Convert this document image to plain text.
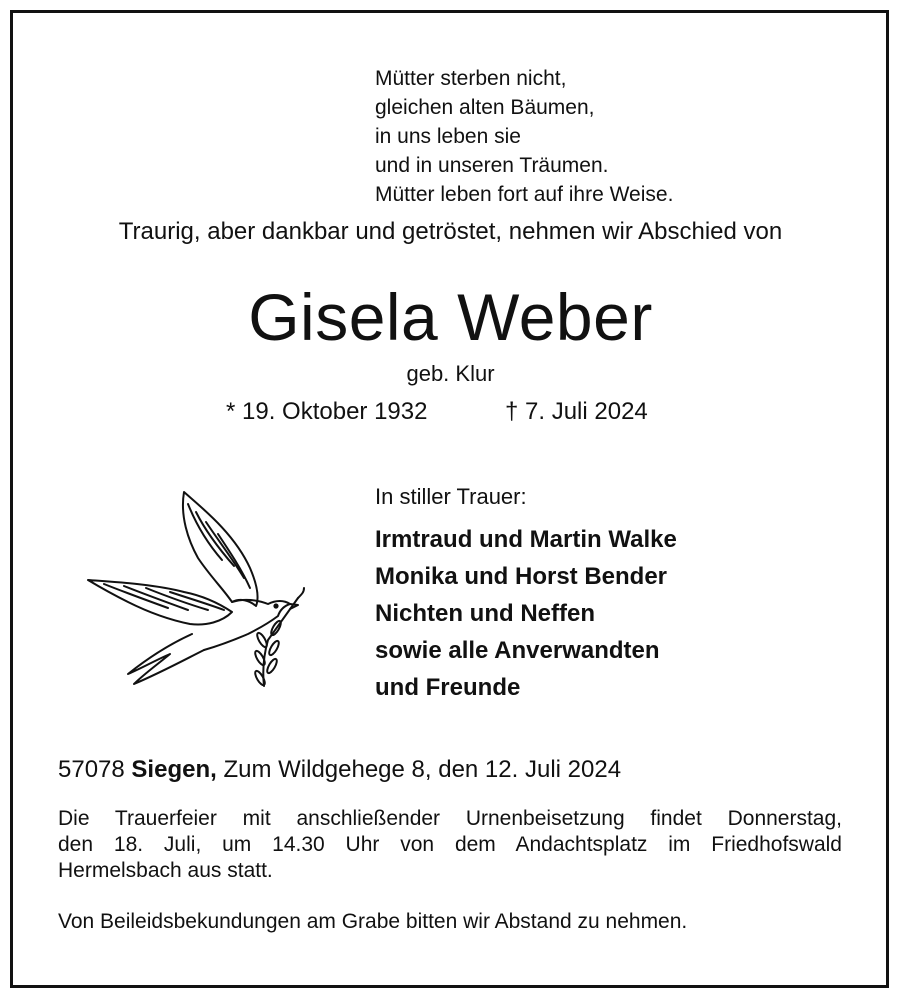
Mütter sterben nicht,
gleichen alten Bäumen,
in uns leben sie
und in unseren Träumen.
Mütter leben fort auf ihre Weise.
Traurig, aber dankbar und getröstet, nehmen wir Abschied von
Gisela Weber
geb. Klur
* 19. Oktober 1932	† 7. Juli 2024
In stiller Trauer:
Irmtraud und Martin Walke
Monika und Horst Bender
Nichten und Neffen
sowie alle Anverwandten
und Freunde
57078 Siegen, Zum Wildgehege 8, den 12. Juli 2024
Die Trauerfeier mit anschließender Urnenbeisetzung findet Donnerstag,
den 18. Juli, um 14.30 Uhr von dem Andachtsplatz im Friedhofswald
Hermelsbach aus statt.
Von Beileidsbekundungen am Grabe bitten wir Abstand zu nehmen.
